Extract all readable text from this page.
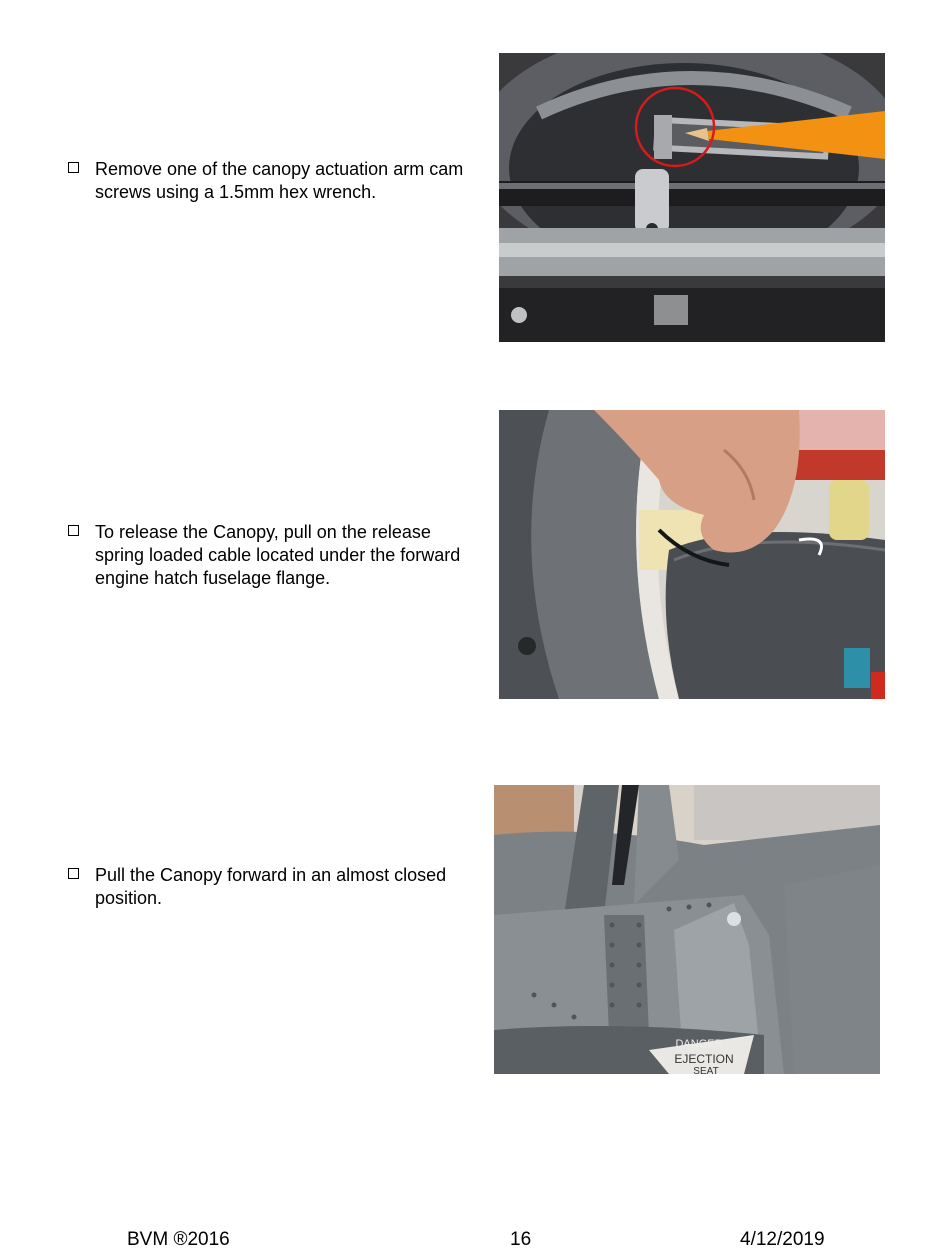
Remove one of the canopy actuation arm cam screws using a 1.5mm hex wrench.
To release the Canopy, pull on the release spring loaded cable located under the forward engine hatch fuselage flange.
Pull the Canopy forward in an almost closed position.
DANGER
EJECTION
SEAT
BVM ®2016	16	4/12/2019
